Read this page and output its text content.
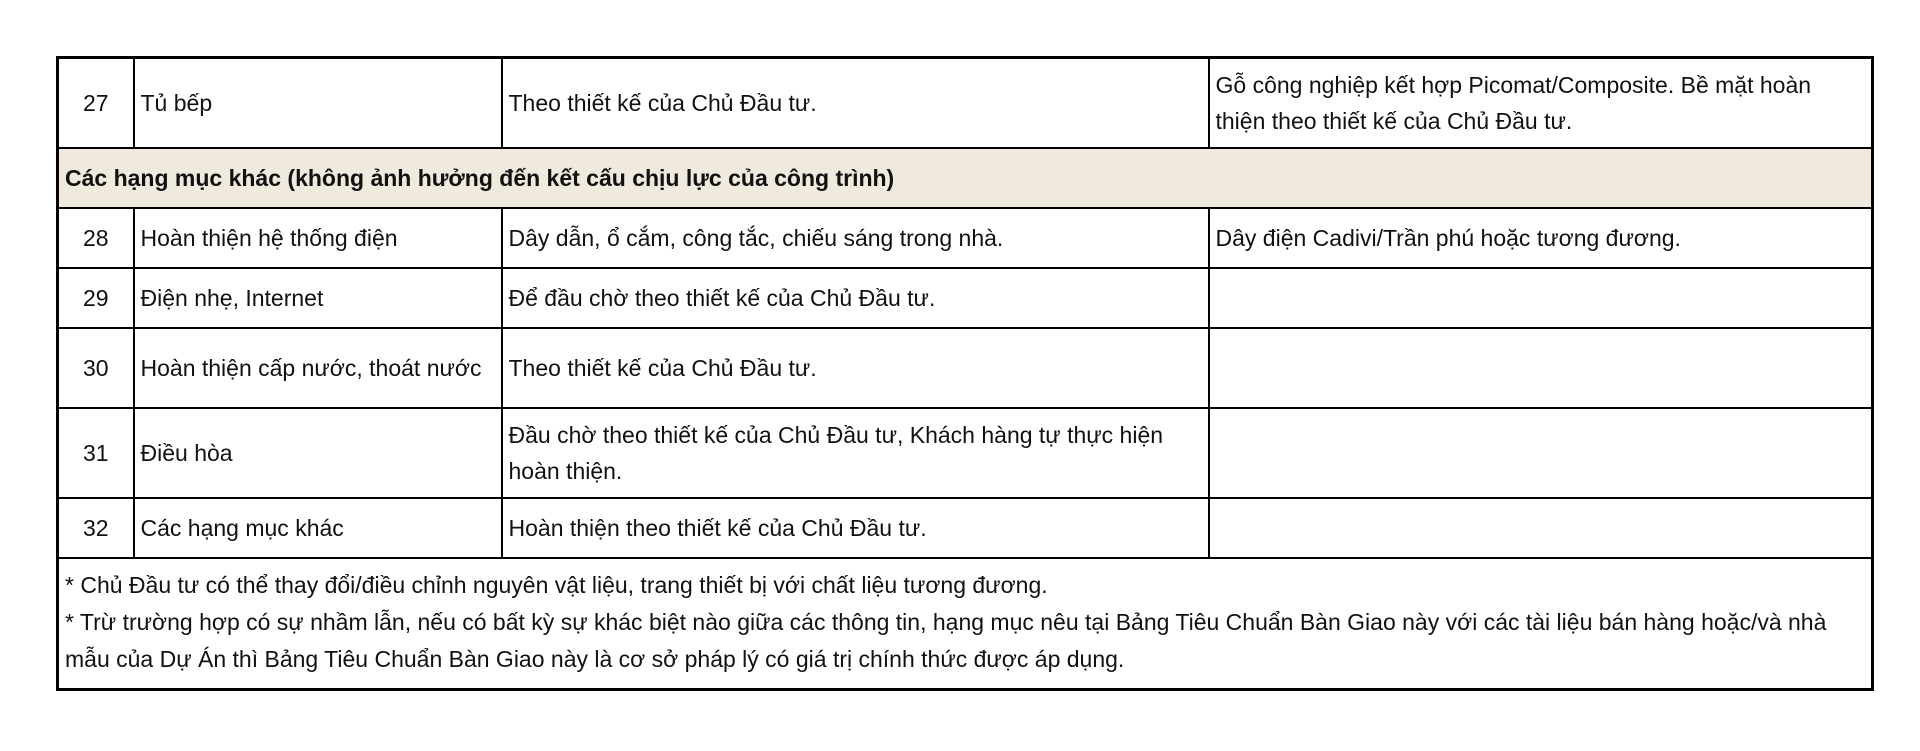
27	Tủ bếp	Theo thiết kế của Chủ Đầu tư.	Gỗ công nghiệp kết hợp Picomat/Composite. Bề mặt hoàn thiện theo thiết kế của Chủ Đầu tư.
Các hạng mục khác (không ảnh hưởng đến kết cấu chịu lực của công trình)			
28	Hoàn thiện hệ thống điện	Dây dẫn, ổ cắm, công tắc, chiếu sáng trong nhà.	Dây điện Cadivi/Trần phú hoặc tương đương.
29	Điện nhẹ, Internet	Để đầu chờ theo thiết kế của Chủ Đầu tư.	
30	Hoàn thiện cấp nước, thoát nước	Theo thiết kế của Chủ Đầu tư.	
31	Điều hòa	Đầu chờ theo thiết kế của Chủ Đầu tư, Khách hàng tự thực hiện hoàn thiện.	
32	Các hạng mục khác	Hoàn thiện theo thiết kế của Chủ Đầu tư.	

* Chủ Đầu tư có thể thay đổi/điều chỉnh nguyên vật liệu, trang thiết bị với chất liệu tương đương.
* Trừ trường hợp có sự nhầm lẫn, nếu có bất kỳ sự khác biệt nào giữa các thông tin, hạng mục nêu tại Bảng Tiêu Chuẩn Bàn Giao này với các tài liệu bán hàng hoặc/và nhà mẫu của Dự Án thì Bảng Tiêu Chuẩn Bàn Giao này là cơ sở pháp lý có giá trị chính thức được áp dụng.			
